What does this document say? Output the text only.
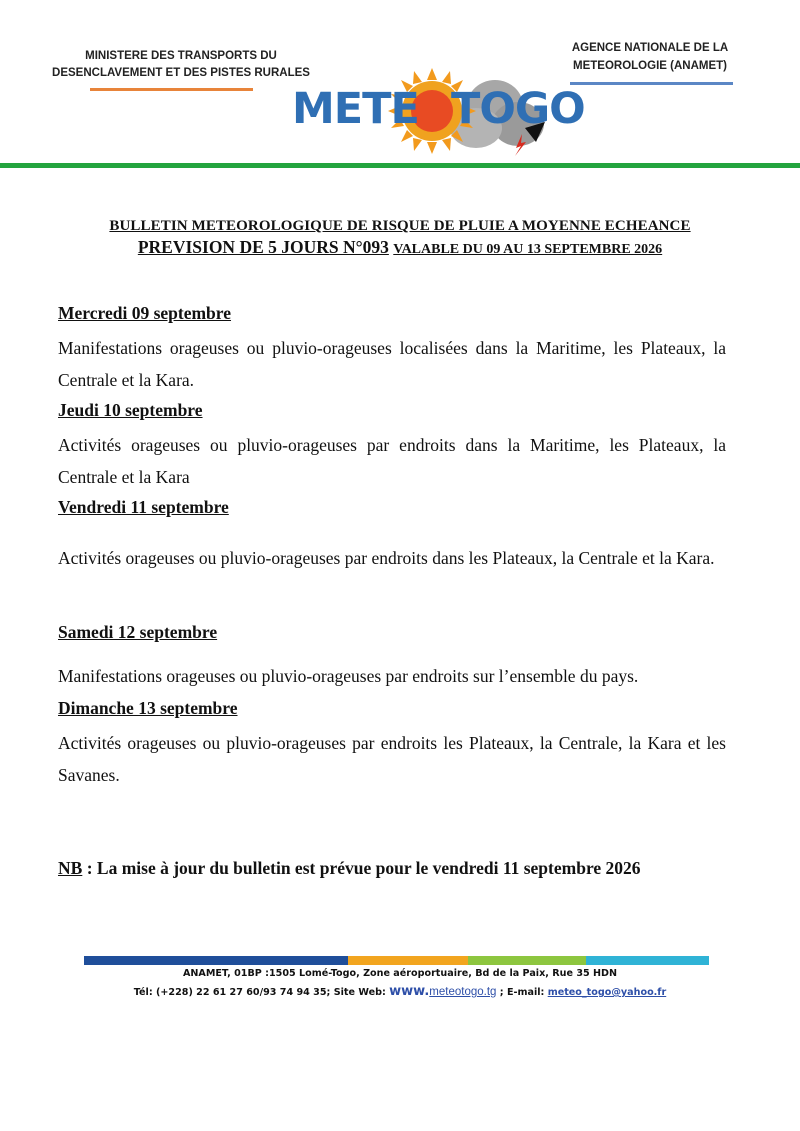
MINISTERE DES TRANSPORTS DU
DESENCLAVEMENT ET DES PISTES RURALES
AGENCE NATIONALE DE LA
METEOROLOGIE (ANAMET)
METE TOGO
BULLETIN METEOROLOGIQUE DE RISQUE DE PLUIE A MOYENNE ECHEANCE
PREVISION DE 5 JOURS N°093 VALABLE DU 09 AU 13 SEPTEMBRE 2026
Mercredi 09 septembre
Manifestations orageuses ou pluvio-orageuses localisées dans la Maritime, les Plateaux, la Centrale et la Kara.
Jeudi 10 septembre
Activités orageuses ou pluvio-orageuses par endroits dans la Maritime, les Plateaux, la Centrale et la Kara
Vendredi 11 septembre
Activités orageuses ou pluvio-orageuses par endroits dans les Plateaux, la Centrale et la Kara.
Samedi 12 septembre
Manifestations orageuses ou pluvio-orageuses par endroits sur l’ensemble du pays.
Dimanche 13 septembre
Activités orageuses ou pluvio-orageuses par endroits les Plateaux, la Centrale, la Kara et les Savanes.
NB : La mise à jour du bulletin est prévue pour le vendredi 11 septembre 2026
ANAMET, 01BP :1505 Lomé-Togo, Zone aéroportuaire, Bd de la Paix, Rue 35 HDN
Tél: (+228) 22 61 27 60/93 74 94 35; Site Web: www.meteotogo.tg ; E-mail: meteo_togo@yahoo.fr
